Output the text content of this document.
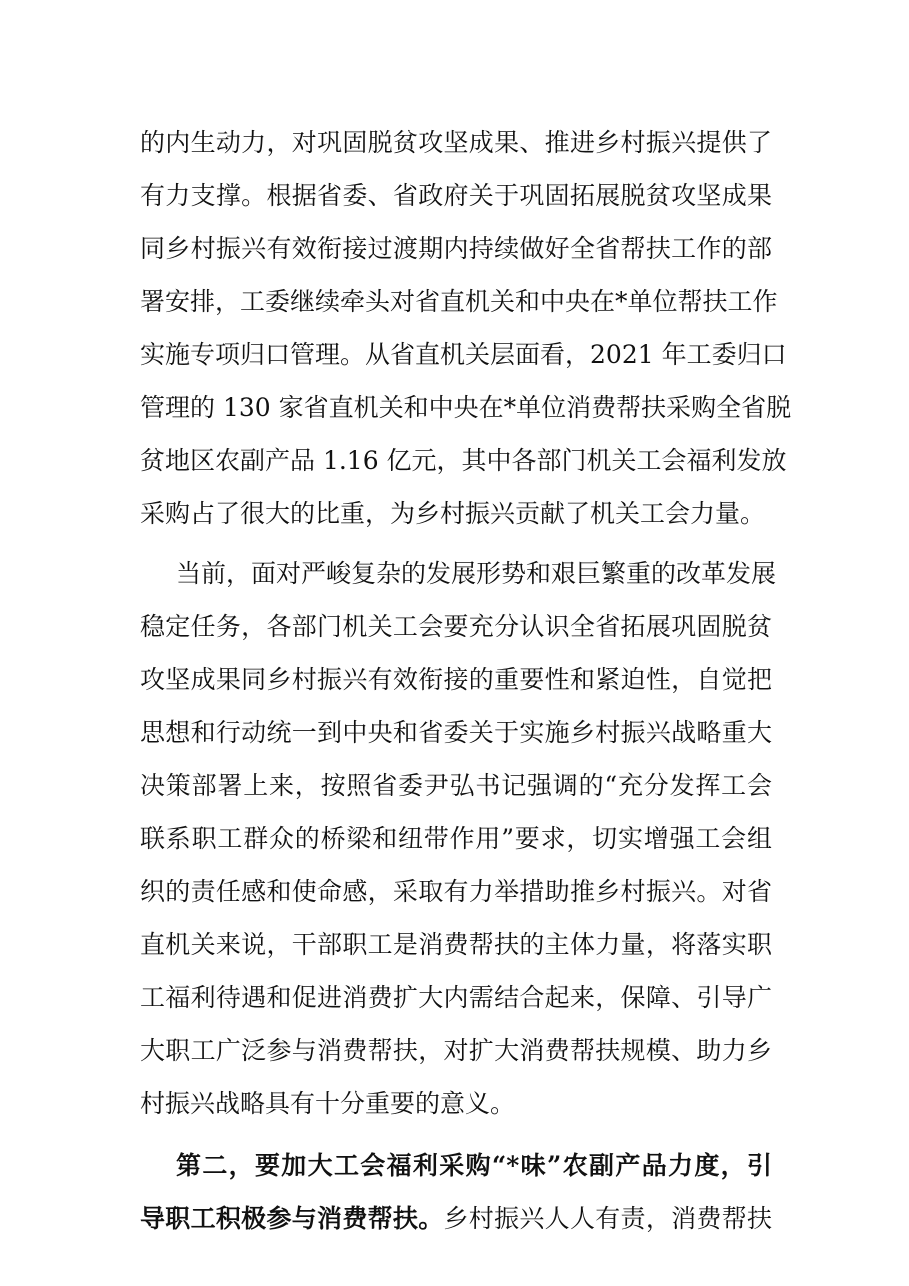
的内生动力，对巩固脱贫攻坚成果、推进乡村振兴提供了
有力支撑。根据省委、省政府关于巩固拓展脱贫攻坚成果
同乡村振兴有效衔接过渡期内持续做好全省帮扶工作的部
署安排，工委继续牵头对省直机关和中央在*单位帮扶工作
实施专项归口管理。从省直机关层面看，2021 年工委归口
管理的 130 家省直机关和中央在*单位消费帮扶采购全省脱
贫地区农副产品 1.16 亿元，其中各部门机关工会福利发放
采购占了很大的比重，为乡村振兴贡献了机关工会力量。
当前，面对严峻复杂的发展形势和艰巨繁重的改革发展
稳定任务，各部门机关工会要充分认识全省拓展巩固脱贫
攻坚成果同乡村振兴有效衔接的重要性和紧迫性，自觉把
思想和行动统一到中央和省委关于实施乡村振兴战略重大
决策部署上来，按照省委尹弘书记强调的“充分发挥工会
联系职工群众的桥梁和纽带作用”要求，切实增强工会组
织的责任感和使命感，采取有力举措助推乡村振兴。对省
直机关来说，干部职工是消费帮扶的主体力量，将落实职
工福利待遇和促进消费扩大内需结合起来，保障、引导广
大职工广泛参与消费帮扶，对扩大消费帮扶规模、助力乡
村振兴战略具有十分重要的意义。
第二，要加大工会福利采购“*味”农副产品力度，引
导职工积极参与消费帮扶。乡村振兴人人有责，消费帮扶
